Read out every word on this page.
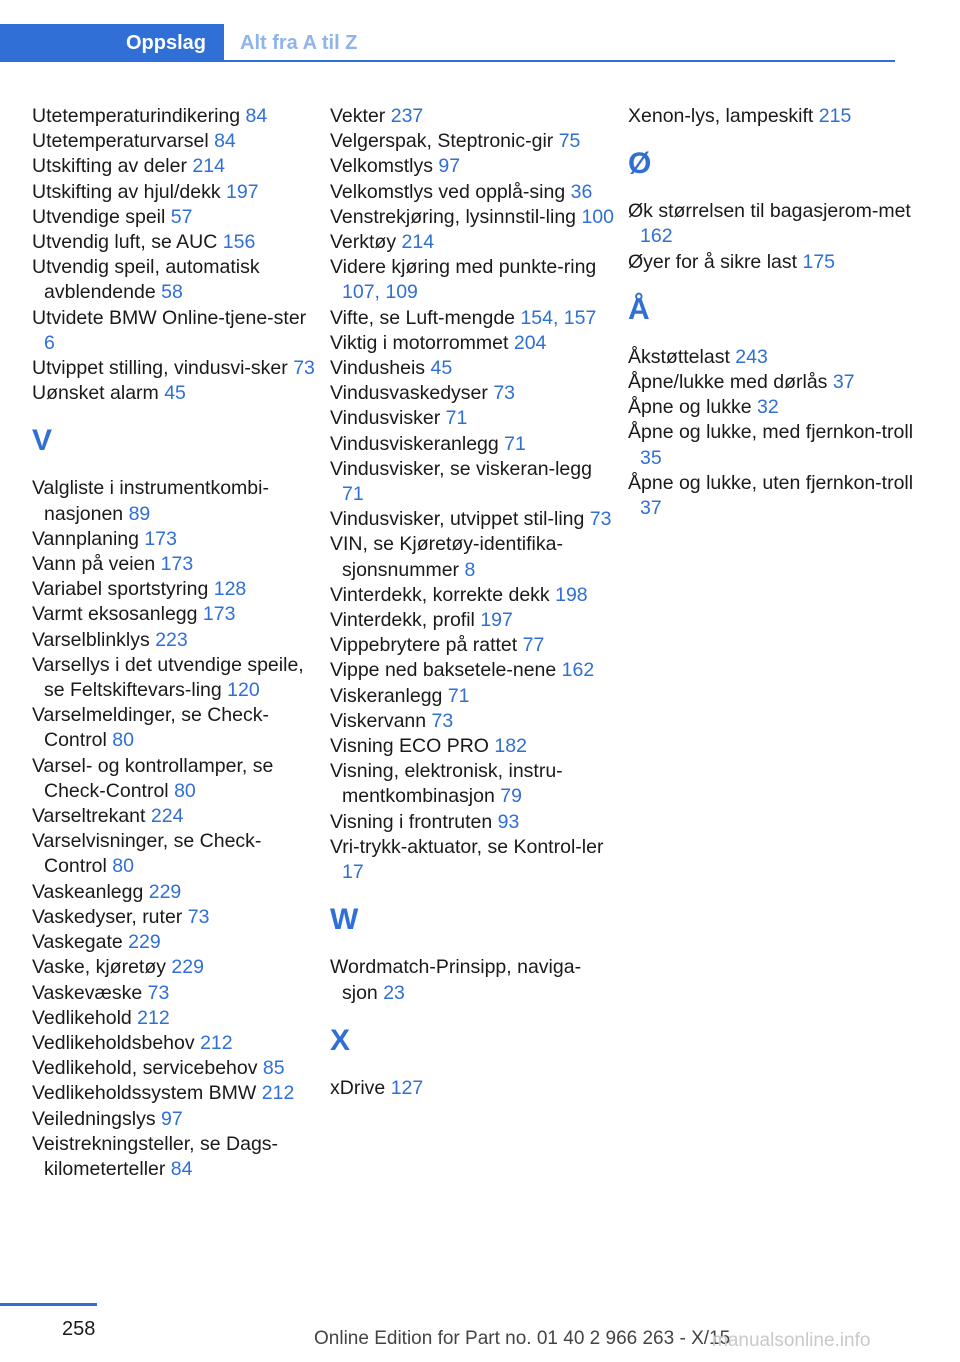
Oppslag	Alt fra A til Z
Utetemperaturindikering 84
Utetemperaturvarsel 84
Utskifting av deler 214
Utskifting av hjul/dekk 197
Utvendige speil 57
Utvendig luft, se AUC 156
Utvendig speil, automatisk avblendende 58
Utvidete BMW Online-tjene-ster 6
Utvippet stilling, vindusvi-sker 73
Uønsket alarm 45
V
Valgliste i instrumentkombi-nasjonen 89
Vannplaning 173
Vann på veien 173
Variabel sportstyring 128
Varmt eksosanlegg 173
Varselblinklys 223
Varsellys i det utvendige speile, se Feltskiftevars-ling 120
Varselmeldinger, se Check-Control 80
Varsel- og kontrollamper, se Check-Control 80
Varseltrekant 224
Varselvisninger, se Check-Control 80
Vaskeanlegg 229
Vaskedyser, ruter 73
Vaskegate 229
Vaske, kjøretøy 229
Vaskevæske 73
Vedlikehold 212
Vedlikeholdsbehov 212
Vedlikehold, servicebehov 85
Vedlikeholdssystem BMW 212
Veiledningslys 97
Veistrekningsteller, se Dags-kilometerteller 84
Vekter 237
Velgerspak, Steptronic-gir 75
Velkomstlys 97
Velkomstlys ved opplå-sing 36
Venstrekjøring, lysinnstil-ling 100
Verktøy 214
Videre kjøring med punkte-ring 107, 109
Vifte, se Luft-mengde 154, 157
Viktig i motorrommet 204
Vindusheis 45
Vindusvaskedyser 73
Vindusvisker 71
Vindusviskeranlegg 71
Vindusvisker, se viskeran-legg 71
Vindusvisker, utvippet stil-ling 73
VIN, se Kjøretøy-identifika-sjonsnummer 8
Vinterdekk, korrekte dekk 198
Vinterdekk, profil 197
Vippebrytere på rattet 77
Vippe ned baksetele-nene 162
Viskeranlegg 71
Viskervann 73
Visning ECO PRO 182
Visning, elektronisk, instru-mentkombinasjon 79
Visning i frontruten 93
Vri-trykk-aktuator, se Kontrol-ler 17
W
Wordmatch-Prinsipp, naviga-sjon 23
X
xDrive 127
Xenon-lys, lampeskift 215
Ø
Øk størrelsen til bagasjerom-met 162
Øyer for å sikre last 175
Å
Åkstøttelast 243
Åpne/lukke med dørlås 37
Åpne og lukke 32
Åpne og lukke, med fjernkon-troll 35
Åpne og lukke, uten fjernkon-troll 37
258	Online Edition for Part no. 01 40 2 966 263 - X/15
manualsonline.info
